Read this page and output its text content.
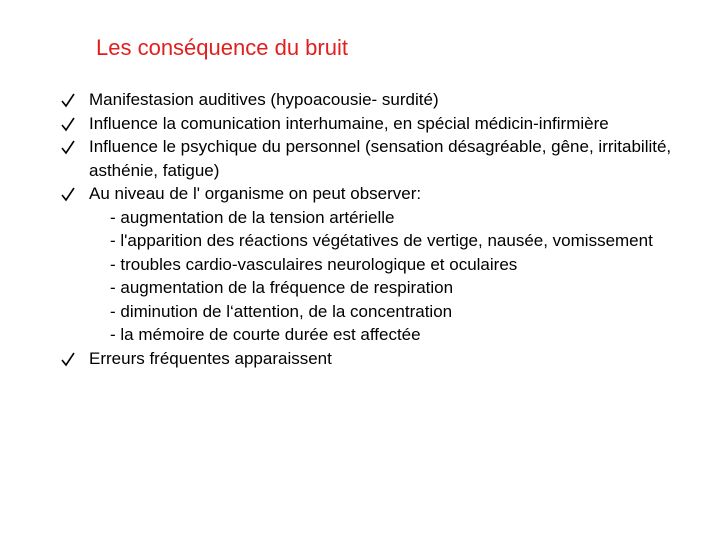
Les conséquence du bruit
Manifestasion auditives (hypoacousie- surdité)
Influence la comunication interhumaine, en spécial médicin-infirmière
Influence le psychique du personnel (sensation désagréable, gêne, irritabilité, asthénie, fatigue)
Au niveau de l' organisme on peut observer:
- augmentation de la tension artérielle
- l'apparition des réactions végétatives de vertige, nausée, vomissement
- troubles cardio-vasculaires neurologique et oculaires
- augmentation de la fréquence de respiration
- diminution de l‘attention, de la concentration
- la mémoire de courte durée est affectée
Erreurs fréquentes apparaissent
